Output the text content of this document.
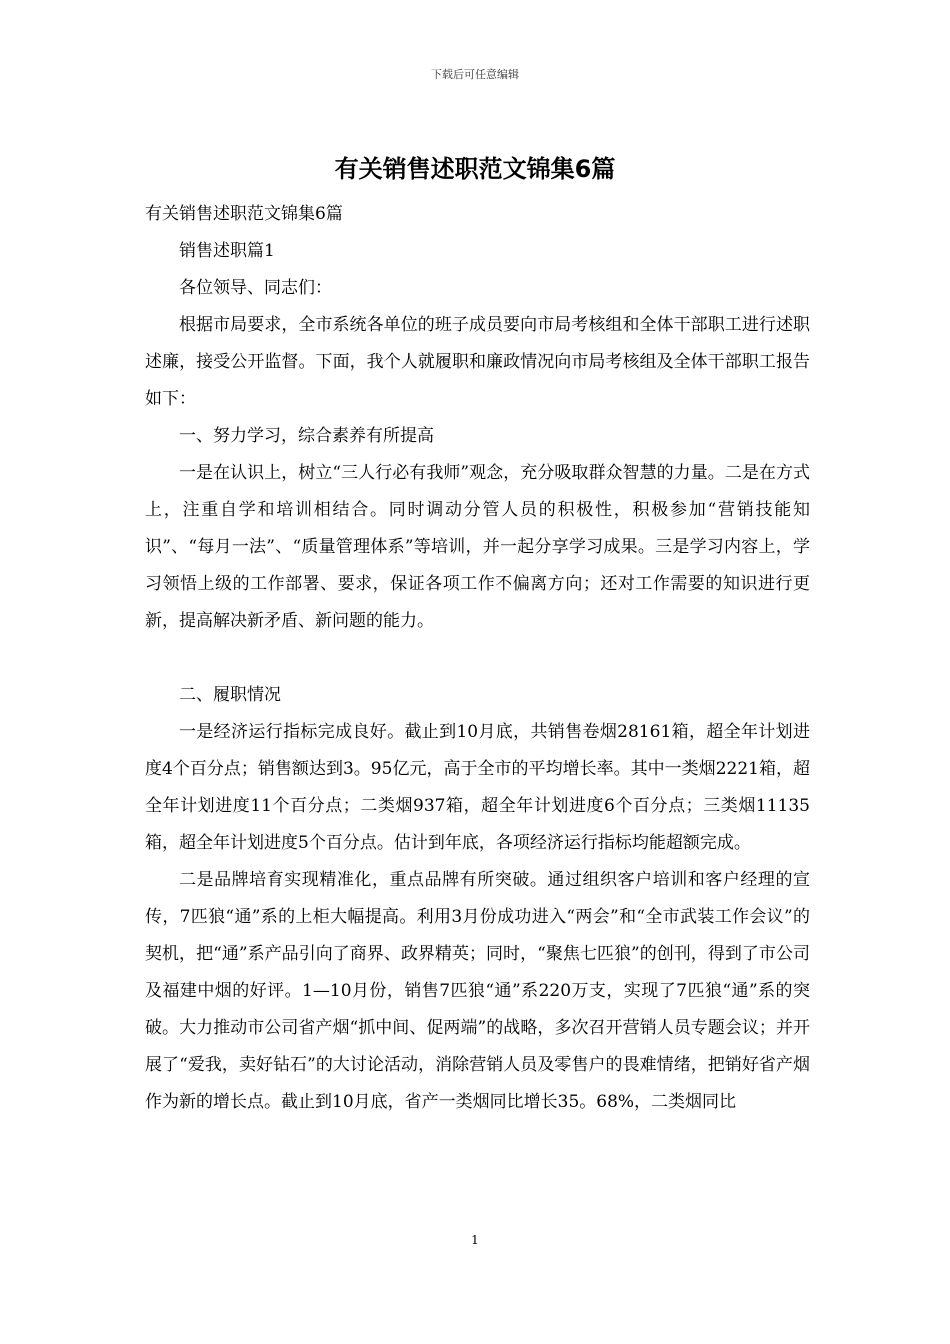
下载后可任意编辑
有关销售述职范文锦集6篇

有关销售述职范文锦集6篇

销售述职篇1

各位领导、同志们：

根据市局要求，全市系统各单位的班子成员要向市局考核组和全体干部职工进行述职述廉，接受公开监督。下面，我个人就履职和廉政情况向市局考核组及全体干部职工报告如下：

一、努力学习，综合素养有所提高

一是在认识上，树立“三人行必有我师”观念，充分吸取群众智慧的力量。二是在方式上，注重自学和培训相结合。同时调动分管人员的积极性，积极参加“营销技能知识”、“每月一法”、“质量管理体系”等培训，并一起分享学习成果。三是学习内容上，学习领悟上级的工作部署、要求，保证各项工作不偏离方向；还对工作需要的知识进行更新，提高解决新矛盾、新问题的能力。

二、履职情况

一是经济运行指标完成良好。截止到10月底，共销售卷烟28161箱，超全年计划进度4个百分点；销售额达到3。95亿元，高于全市的平均增长率。其中一类烟2221箱，超全年计划进度11个百分点；二类烟937箱，超全年计划进度6个百分点；三类烟11135箱，超全年计划进度5个百分点。估计到年底，各项经济运行指标均能超额完成。

二是品牌培育实现精准化，重点品牌有所突破。通过组织客户培训和客户经理的宣传，7匹狼“通”系的上柜大幅提高。利用3月份成功进入“两会”和“全市武装工作会议”的契机，把“通”系产品引向了商界、政界精英；同时，“聚焦七匹狼”的创刊，得到了市公司及福建中烟的好评。1—10月份，销售7匹狼“通”系220万支，实现了7匹狼“通”系的突破。大力推动市公司省产烟“抓中间、促两端”的战略，多次召开营销人员专题会议；并开展了“爱我，卖好钻石”的大讨论活动，消除营销人员及零售户的畏难情绪，把销好省产烟作为新的增长点。截止到10月底，省产一类烟同比增长35。68%，二类烟同比

1
